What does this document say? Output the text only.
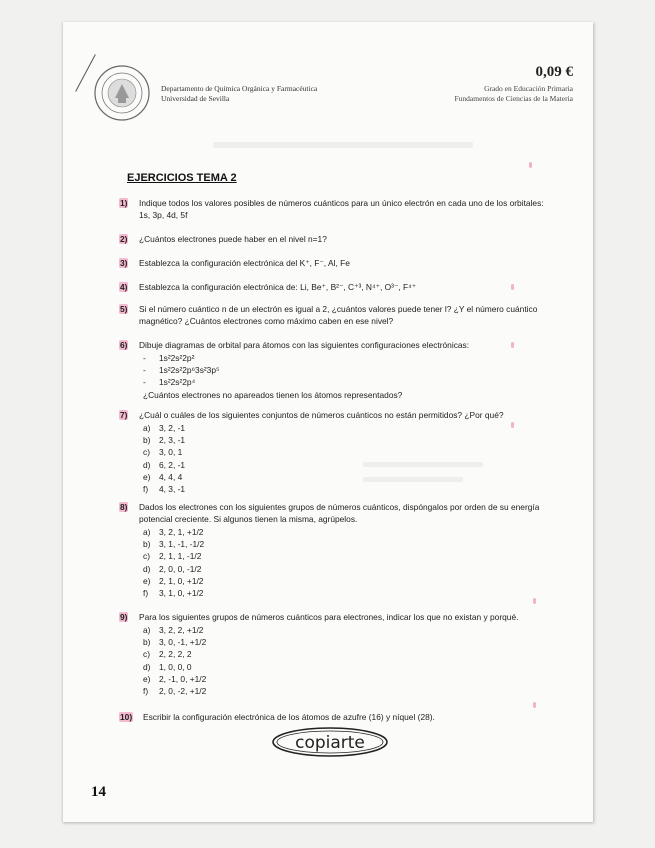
Departamento de Química Orgánica y Farmacéutica
Universidad de Sevilla
0,09 €
Grado en Educación Primaria
Fundamentos de Ciencias de la Materia
EJERCICIOS TEMA 2
1) Indique todos los valores posibles de números cuánticos para un único electrón en cada uno de los orbitales: 1s, 3p, 4d, 5f
2) ¿Cuántos electrones puede haber en el nivel n=1?
3) Establezca la configuración electrónica del K⁺, F⁻, Al, Fe
4) Establezca la configuración electrónica de: Li, Be⁺, B²⁻, C⁺³, N⁴⁺, O³⁻, F⁴⁺
5) Si el número cuántico n de un electrón es igual a 2, ¿cuántos valores puede tener l? ¿Y el número cuántico magnético? ¿Cuántos electrones como máximo caben en ese nivel?
6) Dibuje diagramas de orbital para átomos con las siguientes configuraciones electrónicas:
- 1s²2s²2p²
- 1s²2s²2p⁶3s²3p⁵
- 1s²2s²2p⁴
¿Cuántos electrones no apareados tienen los átomos representados?
7) ¿Cuál o cuáles de los siguientes conjuntos de números cuánticos no están permitidos? ¿Por qué?
a) 3, 2, -1
b) 2, 3, -1
c) 3, 0, 1
d) 6, 2, -1
e) 4, 4, 4
f) 4, 3, -1
8) Dados los electrones con los siguientes grupos de números cuánticos, dispóngalos por orden de su energía potencial creciente. Si algunos tienen la misma, agrúpelos.
a) 3, 2, 1, +1/2
b) 3, 1, -1, -1/2
c) 2, 1, 1, -1/2
d) 2, 0, 0, -1/2
e) 2, 1, 0, +1/2
f) 3, 1, 0, +1/2
9) Para los siguientes grupos de números cuánticos para electrones, indicar los que no existan y porqué.
a) 3, 2, 2, +1/2
b) 3, 0, -1, +1/2
c) 2, 2, 2, 2
d) 1, 0, 0, 0
e) 2, -1, 0, +1/2
f) 2, 0, -2, +1/2
10) Escribir la configuración electrónica de los átomos de azufre (16) y níquel (28).
copiarte
14
